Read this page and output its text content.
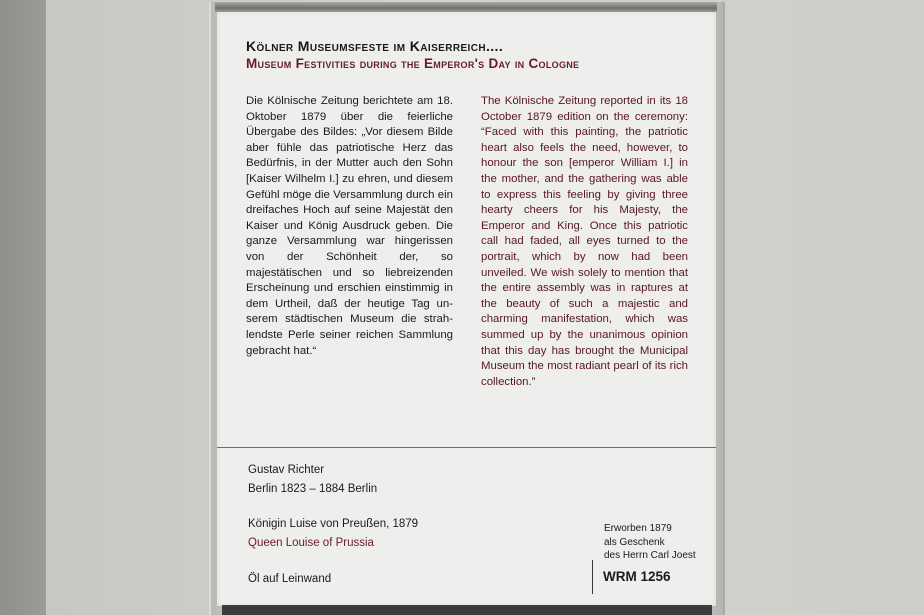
Kölner Museumsfeste im Kaiserreich....
Museum Festivities during the Emperor's Day in Cologne

Die Kölnische Zeitung berichtete am 18. Oktober 1879 über die feierliche Übergabe des Bildes: „Vor diesem Bilde aber fühle das patriotische Herz das Bedürfnis, in der Mutter auch den Sohn [Kaiser Wilhelm I.] zu ehren, und diesem Gefühl möge die Versammlung durch ein dreifaches Hoch auf seine Majestät den Kaiser und König Ausdruck geben. Die ganze Versammlung war hingerissen von der Schönheit der, so majestätischen und so liebreizenden Erscheinung und erschien einstimmig in dem Urtheil, daß der heutige Tag unserem städtischen Museum die strahlendste Perle seiner reichen Sammlung gebracht hat.“

The Kölnische Zeitung reported in its 18 October 1879 edition on the ceremony: “Faced with this painting, the patriotic heart also feels the need, however, to honour the son [emperor William I.] in the mother, and the gathering was able to express this feeling by giving three hearty cheers for his Majesty, the Emperor and King. Once this patriotic call had faded, all eyes turned to the portrait, which by now had been unveiled. We wish solely to mention that the entire assembly was in raptures at the beauty of such a majestic and charming manifestation, which was summed up by the unanimous opinion that this day has brought the Municipal Museum the most radiant pearl of its rich collection.”

Gustav Richter
Berlin 1823 – 1884 Berlin
Königin Luise von Preußen, 1879
Queen Louise of Prussia
Öl auf Leinwand
Erworben 1879
als Geschenk
des Herrn Carl Joest
WRM 1256
